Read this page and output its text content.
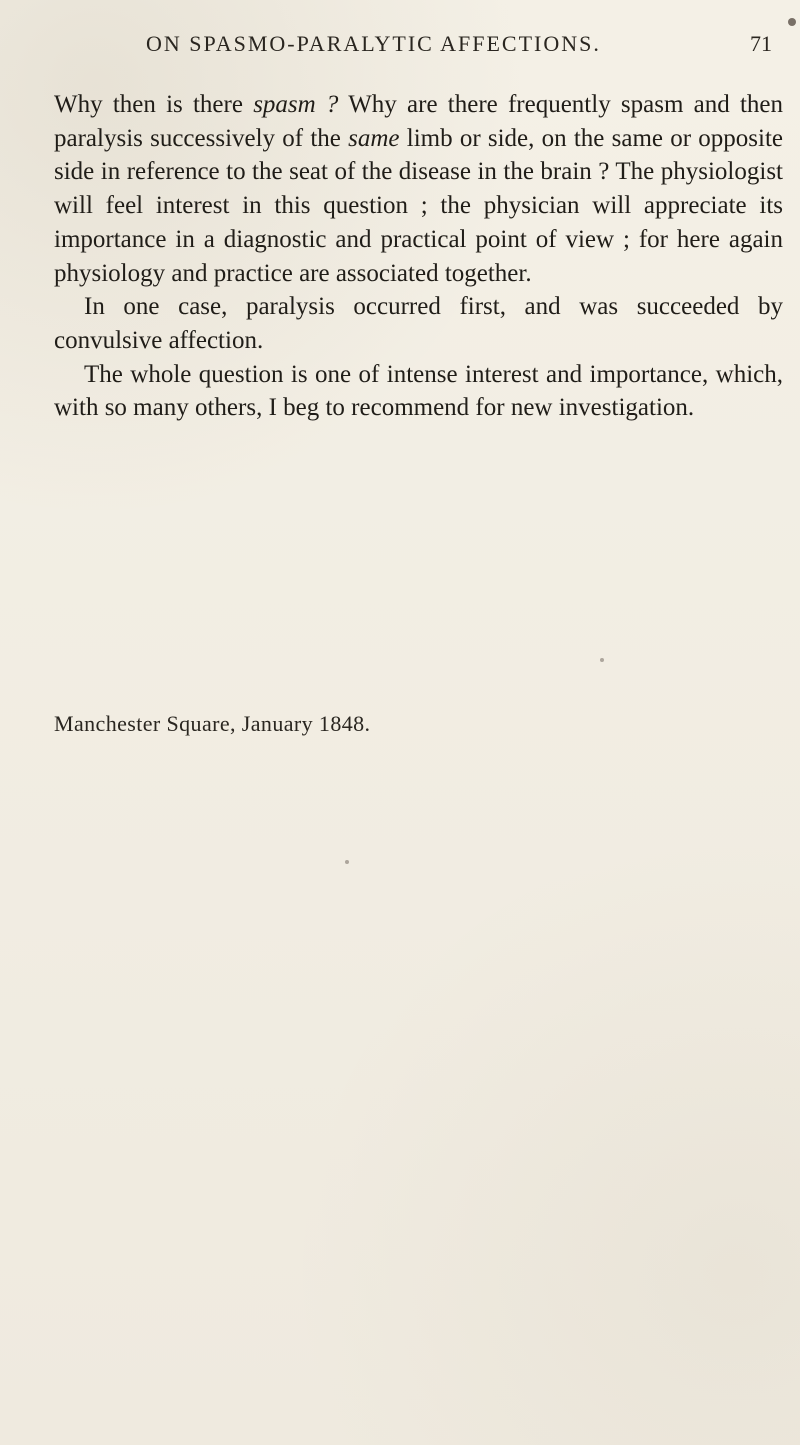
ON SPASMO-PARALYTIC AFFECTIONS.	71

Why then is there spasm ? Why are there frequently spasm and then paralysis successively of the same limb or side, on the same or opposite side in reference to the seat of the disease in the brain ? The physiologist will feel interest in this question ; the physician will appreciate its importance in a diagnostic and practical point of view ; for here again physiology and practice are associated together.

In one case, paralysis occurred first, and was succeeded by convulsive affection.

The whole question is one of intense interest and importance, which, with so many others, I beg to recommend for new investigation.

Manchester Square, January 1848.
